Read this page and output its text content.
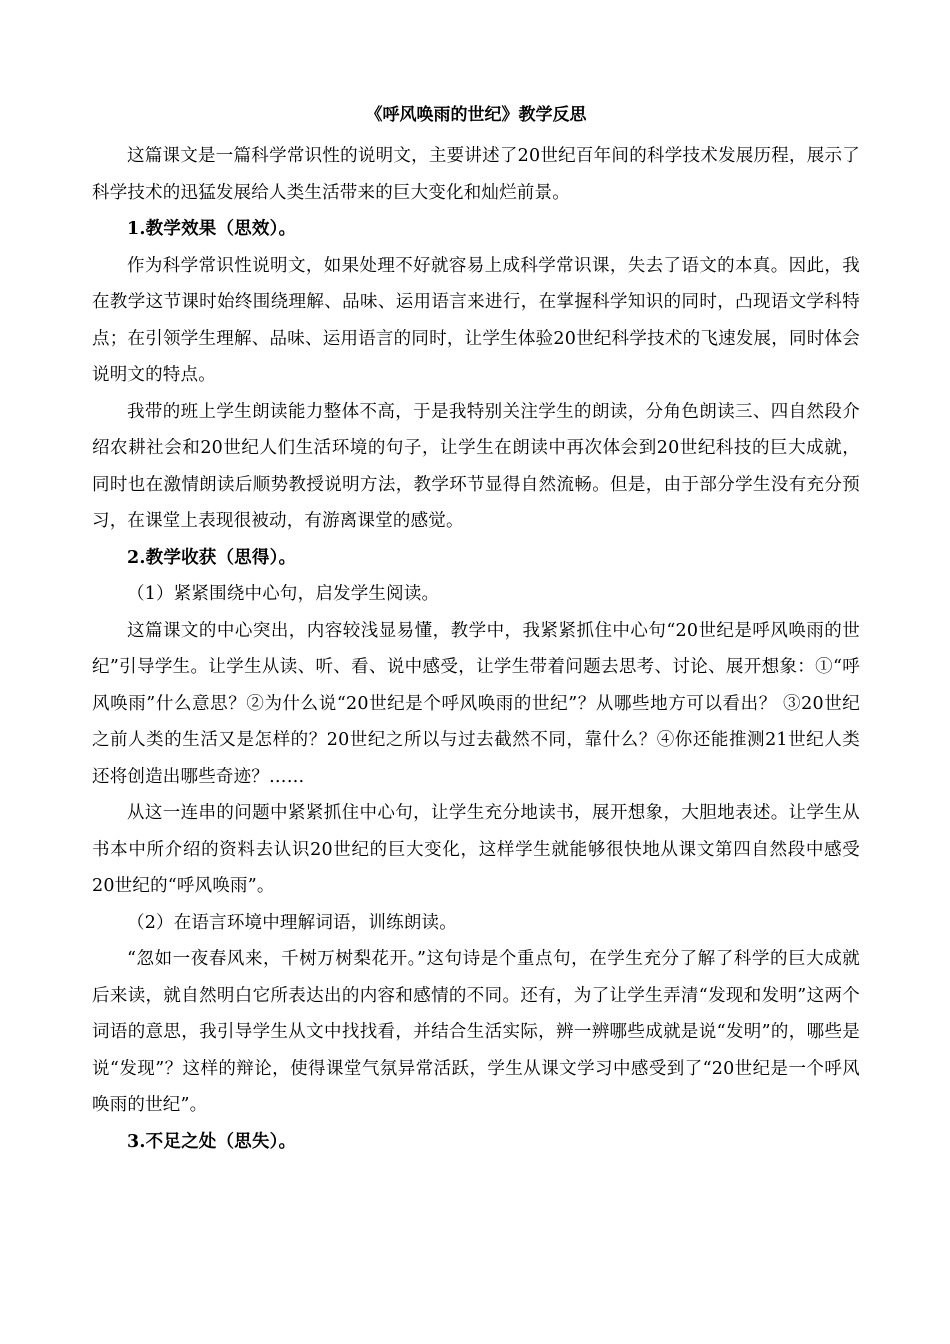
《呼风唤雨的世纪》教学反思

这篇课文是一篇科学常识性的说明文，主要讲述了20世纪百年间的科学技术发展历程，展示了科学技术的迅猛发展给人类生活带来的巨大变化和灿烂前景。

1.教学效果（思效）。

作为科学常识性说明文，如果处理不好就容易上成科学常识课，失去了语文的本真。因此，我在教学这节课时始终围绕理解、品味、运用语言来进行，在掌握科学知识的同时，凸现语文学科特点；在引领学生理解、品味、运用语言的同时，让学生体验20世纪科学技术的飞速发展，同时体会说明文的特点。

我带的班上学生朗读能力整体不高，于是我特别关注学生的朗读，分角色朗读三、四自然段介绍农耕社会和20世纪人们生活环境的句子，让学生在朗读中再次体会到20世纪科技的巨大成就，同时也在激情朗读后顺势教授说明方法，教学环节显得自然流畅。但是，由于部分学生没有充分预习，在课堂上表现很被动，有游离课堂的感觉。

2.教学收获（思得）。

（1）紧紧围绕中心句，启发学生阅读。

这篇课文的中心突出，内容较浅显易懂，教学中，我紧紧抓住中心句“20世纪是呼风唤雨的世纪”引导学生。让学生从读、听、看、说中感受，让学生带着问题去思考、讨论、展开想象：①“呼风唤雨”什么意思？②为什么说“20世纪是个呼风唤雨的世纪”？从哪些地方可以看出？ ③20世纪之前人类的生活又是怎样的？20世纪之所以与过去截然不同，靠什么？④你还能推测21世纪人类还将创造出哪些奇迹？……

从这一连串的问题中紧紧抓住中心句，让学生充分地读书，展开想象，大胆地表述。让学生从书本中所介绍的资料去认识20世纪的巨大变化，这样学生就能够很快地从课文第四自然段中感受20世纪的“呼风唤雨”。

（2）在语言环境中理解词语，训练朗读。

“忽如一夜春风来，千树万树梨花开。”这句诗是个重点句，在学生充分了解了科学的巨大成就后来读，就自然明白它所表达出的内容和感情的不同。还有，为了让学生弄清“发现和发明”这两个词语的意思，我引导学生从文中找找看，并结合生活实际，辨一辨哪些成就是说“发明”的，哪些是说“发现”？这样的辩论，使得课堂气氛异常活跃，学生从课文学习中感受到了“20世纪是一个呼风唤雨的世纪”。

3.不足之处（思失）。
